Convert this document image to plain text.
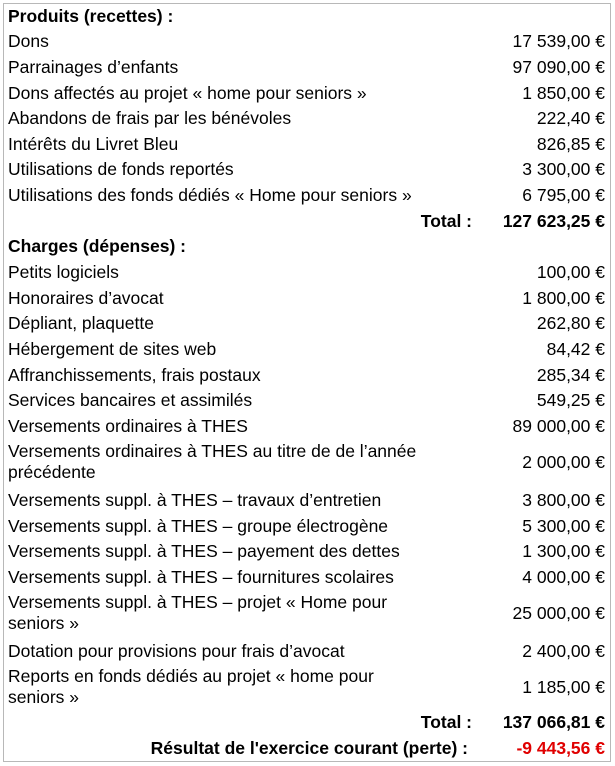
Produits (recettes) :
Dons	17 539,00 €
Parrainages d’enfants	97 090,00 €
Dons affectés au projet « home pour seniors »	1 850,00 €
Abandons de frais par les bénévoles	222,40 €
Intérêts du Livret Bleu	826,85 €
Utilisations de fonds reportés	3 300,00 €
Utilisations des fonds dédiés « Home pour seniors »	6 795,00 €
Total : 127 623,25 €
Charges (dépenses) :
Petits logiciels	100,00 €
Honoraires d’avocat	1 800,00 €
Dépliant, plaquette	262,80 €
Hébergement de sites web	84,42 €
Affranchissements, frais postaux	285,34 €
Services bancaires et assimilés	549,25 €
Versements ordinaires à THES	89 000,00 €
Versements ordinaires à THES au titre de de l’année précédente	2 000,00 €
Versements suppl. à THES – travaux d’entretien	3 800,00 €
Versements suppl. à THES – groupe électrogène	5 300,00 €
Versements suppl. à THES – payement des dettes	1 300,00 €
Versements suppl. à THES – fournitures scolaires	4 000,00 €
Versements suppl. à THES – projet « Home pour seniors »	25 000,00 €
Dotation pour provisions pour frais d’avocat	2 400,00 €
Reports en fonds dédiés au projet « home pour seniors »	1 185,00 €
Total : 137 066,81 €
Résultat de l'exercice courant (perte) :	-9 443,56 €
